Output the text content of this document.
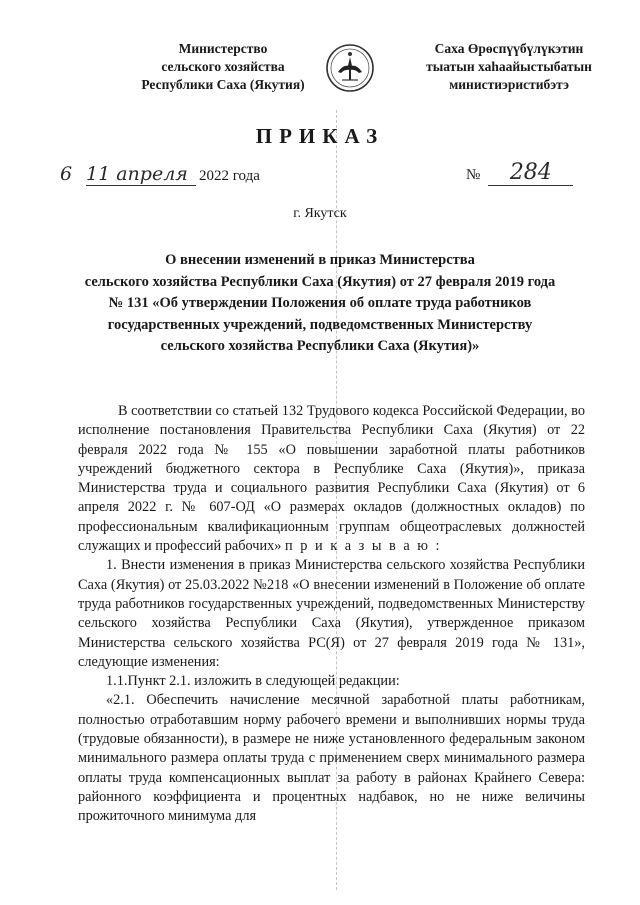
Министерство
сельского хозяйства
Республики Саха (Якутия)
Саха Өрөспүүбүлүкэтин
тыатын хаһаайыстыбатын
министиэристибэтэ
ПРИКАЗ
6 11 апреля 2022 года	№ 284
г. Якутск
О внесении изменений в приказ Министерства
сельского хозяйства Республики Саха (Якутия) от 27 февраля 2019 года
№ 131 «Об утверждении Положения об оплате труда работников
государственных учреждений, подведомственных Министерству
сельского хозяйства Республики Саха (Якутия)»

В соответствии со статьей 132 Трудового кодекса Российской Федерации, во исполнение постановления Правительства Республики Саха (Якутия) от 22 февраля 2022 года № 155 «О повышении заработной платы работников учреждений бюджетного сектора в Республике Саха (Якутия)», приказа Министерства труда и социального развития Республики Саха (Якутия) от 6 апреля 2022 г. № 607-ОД «О размерах окладов (должностных окладов) по профессиональным квалификационным группам общеотраслевых должностей служащих и профессий рабочих» п р и к а з ы в а ю :

1. Внести изменения в приказ Министерства сельского хозяйства Республики Саха (Якутия) от 25.03.2022 №218 «О внесении изменений в Положение об оплате труда работников государственных учреждений, подведомственных Министерству сельского хозяйства Республики Саха (Якутия), утвержденное приказом Министерства сельского хозяйства РС(Я) от 27 февраля 2019 года № 131», следующие изменения:

1.1.Пункт 2.1. изложить в следующей редакции:

«2.1. Обеспечить начисление месячной заработной платы работникам, полностью отработавшим норму рабочего времени и выполнивших нормы труда (трудовые обязанности), в размере не ниже установленного федеральным законом минимального размера оплаты труда с применением сверх минимального размера оплаты труда компенсационных выплат за работу в районах Крайнего Севера: районного коэффициента и процентных надбавок, но не ниже величины прожиточного минимума для
